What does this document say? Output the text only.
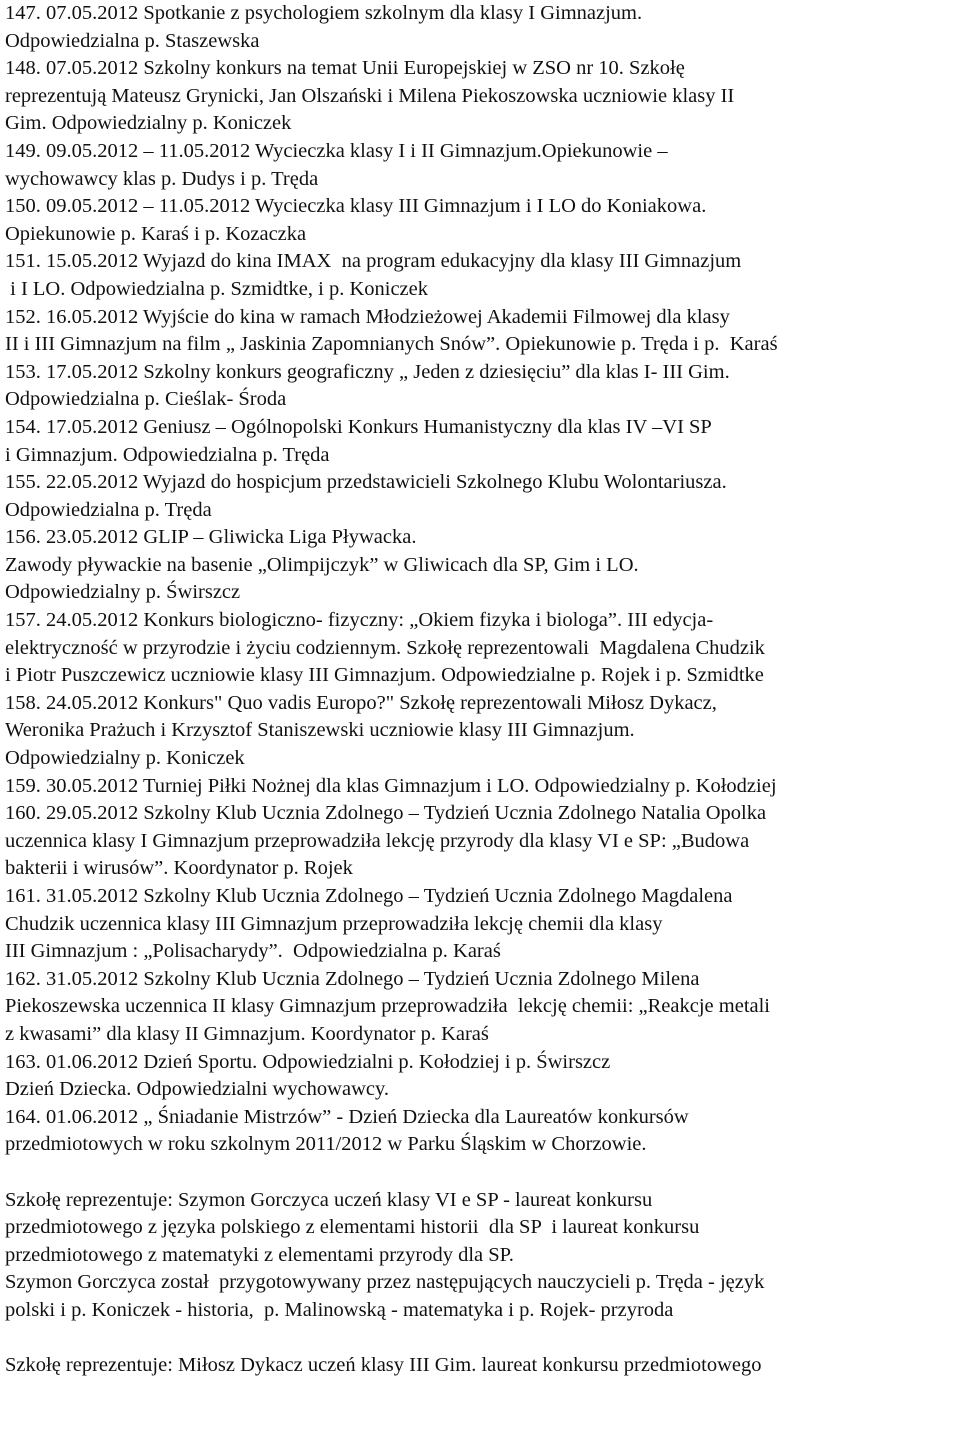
147. 07.05.2012 Spotkanie z psychologiem szkolnym dla klasy I Gimnazjum.
Odpowiedzialna p. Staszewska
148. 07.05.2012 Szkolny konkurs na temat Unii Europejskiej w ZSO nr 10. Szkołę
reprezentują Mateusz Grynicki, Jan Olszański i Milena Piekoszowska uczniowie klasy II
Gim. Odpowiedzialny p. Koniczek
149. 09.05.2012 – 11.05.2012 Wycieczka klasy I i II Gimnazjum.Opiekunowie –
wychowawcy klas p. Dudys i p. Tręda
150. 09.05.2012 – 11.05.2012 Wycieczka klasy III Gimnazjum i I LO do Koniakowa.
Opiekunowie p. Karaś i p. Kozaczka
151. 15.05.2012 Wyjazd do kina IMAX  na program edukacyjny dla klasy III Gimnazjum
i I LO. Odpowiedzialna p. Szmidtke, i p. Koniczek
152. 16.05.2012 Wyjście do kina w ramach Młodzieżowej Akademii Filmowej dla klasy
II i III Gimnazjum na film „ Jaskinia Zapomnianych Snów”. Opiekunowie p. Tręda i p.  Karaś
153. 17.05.2012 Szkolny konkurs geograficzny „ Jeden z dziesięciu” dla klas I- III Gim.
Odpowiedzialna p. Cieślak- Środa
154. 17.05.2012 Geniusz – Ogólnopolski Konkurs Humanistyczny dla klas IV –VI SP
i Gimnazjum. Odpowiedzialna p. Tręda
155. 22.05.2012 Wyjazd do hospicjum przedstawicieli Szkolnego Klubu Wolontariusza.
Odpowiedzialna p. Tręda
156. 23.05.2012 GLIP – Gliwicka Liga Pływacka.
Zawody pływackie na basenie „Olimpijczyk” w Gliwicach dla SP, Gim i LO.
Odpowiedzialny p. Świrszcz
157. 24.05.2012 Konkurs biologiczno- fizyczny: „Okiem fizyka i biologa”. III edycja-
elektryczność w przyrodzie i życiu codziennym. Szkołę reprezentowali  Magdalena Chudzik
i Piotr Puszczewicz uczniowie klasy III Gimnazjum. Odpowiedzialne p. Rojek i p. Szmidtke
158. 24.05.2012 Konkurs" Quo vadis Europo?" Szkołę reprezentowali Miłosz Dykacz,
Weronika Prażuch i Krzysztof Staniszewski uczniowie klasy III Gimnazjum.
Odpowiedzialny p. Koniczek
159. 30.05.2012 Turniej Piłki Nożnej dla klas Gimnazjum i LO. Odpowiedzialny p. Kołodziej
160. 29.05.2012 Szkolny Klub Ucznia Zdolnego – Tydzień Ucznia Zdolnego Natalia Opolka
uczennica klasy I Gimnazjum przeprowadziła lekcję przyrody dla klasy VI e SP: „Budowa
bakterii i wirusów”. Koordynator p. Rojek
161. 31.05.2012 Szkolny Klub Ucznia Zdolnego – Tydzień Ucznia Zdolnego Magdalena
Chudzik uczennica klasy III Gimnazjum przeprowadziła lekcję chemii dla klasy
III Gimnazjum : „Polisacharydy”.  Odpowiedzialna p. Karaś
162. 31.05.2012 Szkolny Klub Ucznia Zdolnego – Tydzień Ucznia Zdolnego Milena
Piekoszewska uczennica II klasy Gimnazjum przeprowadziła  lekcję chemii: „Reakcje metali
z kwasami” dla klasy II Gimnazjum. Koordynator p. Karaś
163. 01.06.2012 Dzień Sportu. Odpowiedzialni p. Kołodziej i p. Świrszcz
Dzień Dziecka. Odpowiedzialni wychowawcy.
164. 01.06.2012 „ Śniadanie Mistrzów” - Dzień Dziecka dla Laureatów konkursów
przedmiotowych w roku szkolnym 2011/2012 w Parku Śląskim w Chorzowie.
Szkołę reprezentuje: Szymon Gorczyca uczeń klasy VI e SP - laureat konkursu
przedmiotowego z języka polskiego z elementami historii  dla SP  i laureat konkursu
przedmiotowego z matematyki z elementami przyrody dla SP.
Szymon Gorczyca został  przygotowywany przez następujących nauczycieli p. Tręda - język
polski i p. Koniczek - historia,  p. Malinowską - matematyka i p. Rojek- przyroda
Szkołę reprezentuje: Miłosz Dykacz uczeń klasy III Gim. laureat konkursu przedmiotowego
